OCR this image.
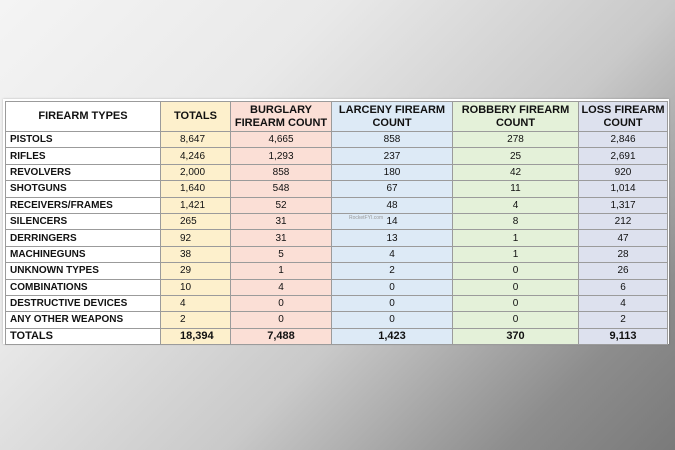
FIREARM TYPES	TOTALS	BURGLARY FIREARM COUNT	LARCENY FIREARM COUNT	ROBBERY FIREARM COUNT	LOSS FIREARM COUNT
PISTOLS	8,647	4,665	858	278	2,846
RIFLES	4,246	1,293	237	25	2,691
REVOLVERS	2,000	858	180	42	920
SHOTGUNS	1,640	548	67	11	1,014
RECEIVERS/FRAMES	1,421	52	48	4	1,317
SILENCERS	265	31	14	8	212
DERRINGERS	92	31	13	1	47
MACHINEGUNS	38	5	4	1	28
UNKNOWN TYPES	29	1	2	0	26
COMBINATIONS	10	4	0	0	6
DESTRUCTIVE DEVICES	4	0	0	0	4
ANY OTHER WEAPONS	2	0	0	0	2
TOTALS	18,394	7,488	1,423	370	9,113
RocketFYI.com
